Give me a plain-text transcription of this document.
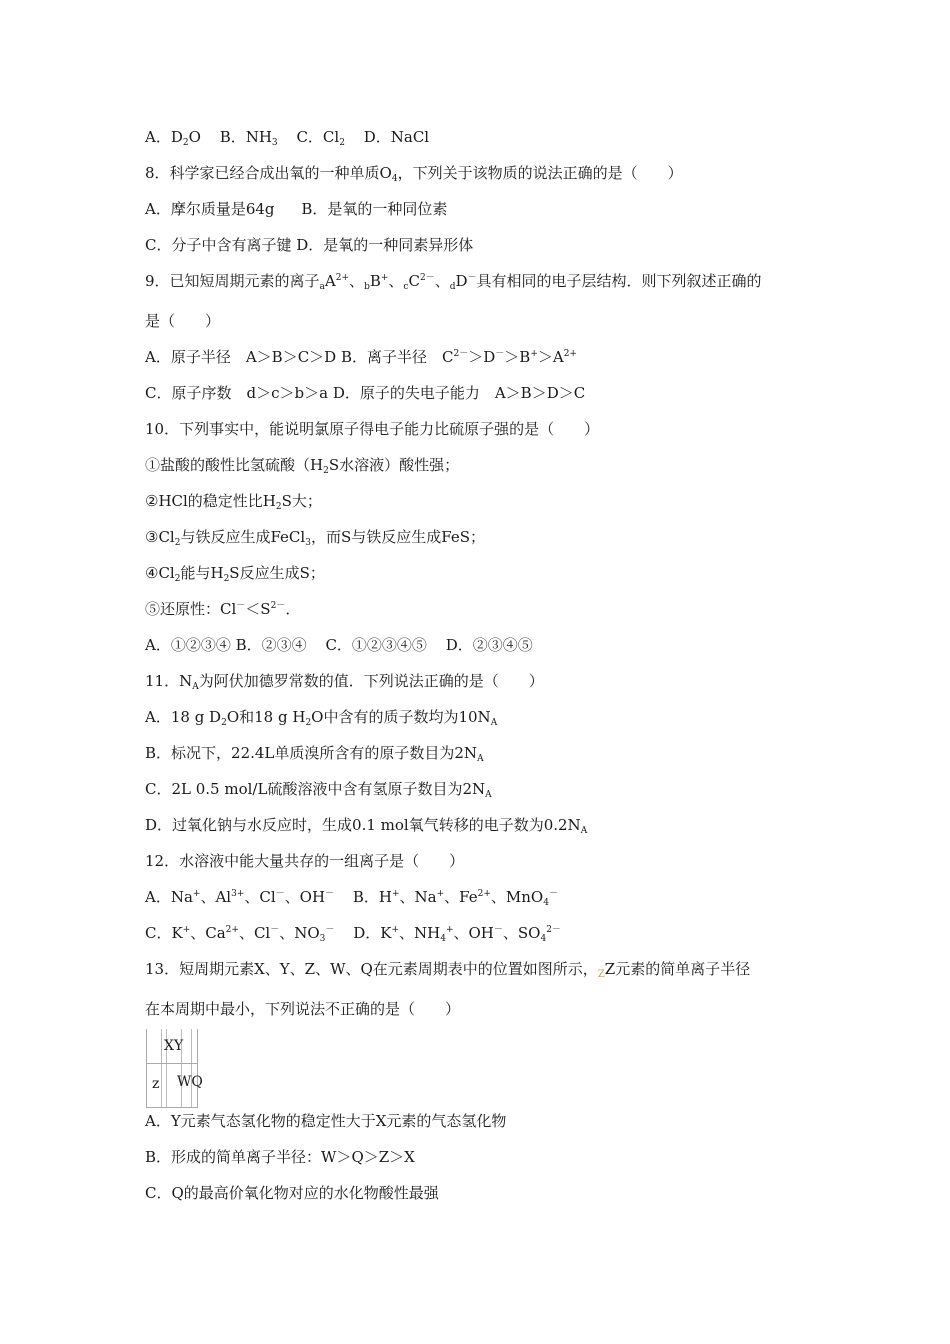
A．$D_2O$ B．$NH_3$ C．$Cl_2$ D．NaCl
8．科学家已经合成出氧的一种单质$O_4$，下列关于该物质的说法正确的是（　　）
A．摩尔质量是64g B．是氧的一种同位素
C．分子中含有离子键 D．是氧的一种同素异形体
9．已知短周期元素的离子$_aA^{2+}$、$_b$B+、$_cC^{2-}$、$_d$D－具有相同的电子层结构．则下列叙述正确的
是（　　）
A．原子半径　A＞B＞C＞D B．离子半径　$C^{2-}>D^->B^+>A^{2+}$
C．原子序数　d＞c＞b＞a D．原子的失电子能力　A＞B＞D＞C
10．下列事实中，能说明氯原子得电子能力比硫原子强的是（　　）
①盐酸的酸性比氢硫酸（$H_2S$水溶液）酸性强；
②HCl的稳定性比$H_2S$大；
$③Cl_2$与铁反应生成FeCl$_3$，而S与铁反应生成FeS；
$④Cl_2$能与$H_2S$反应生成S；
⑤还原性：$Cl^-<S^{2-}$．
A．①②③④ B．②③④ C．①②③④⑤ D．②③④⑤
11．$N_A$为阿伏加德罗常数的值．下列说法正确的是（　　）
A．18 g $D_2O$和18 g $H_2O$中含有的质子数均为$10N_A$
B．标况下，22.4L单质溴所含有的原子数目为$2N_A$
C．2L 0.5 mol/L硫酸溶液中含有氢原子数目为$2N_A$
D．过氧化钠与水反应时，生成0.1 mol氧气转移的电子数为$0.2N_A$
12．水溶液中能大量共存的一组离子是（　　）
A．Na+、$Al^{3+}$、Cl－、OH－ B．H+、Na+、$Fe^{2+}$、MnO$_4$－
C．K+、$Ca^{2+}$、Cl－、$NO_3^-$ D．K+、$NH_4^+$、OH－、$SO_4^{2-}$
13．短周期元素X、Y、Z、W、Q在元素周期表中的位置如图所示，$_Z$Z元素的简单离子半径
在本周期中最小，下列说法不正确的是（　　）
XY
z WQ
A．Y元素气态氢化物的稳定性大于X元素的气态氢化物
B．形成的简单离子半径：W＞Q＞Z＞X
C．Q的最高价氧化物对应的水化物酸性最强
